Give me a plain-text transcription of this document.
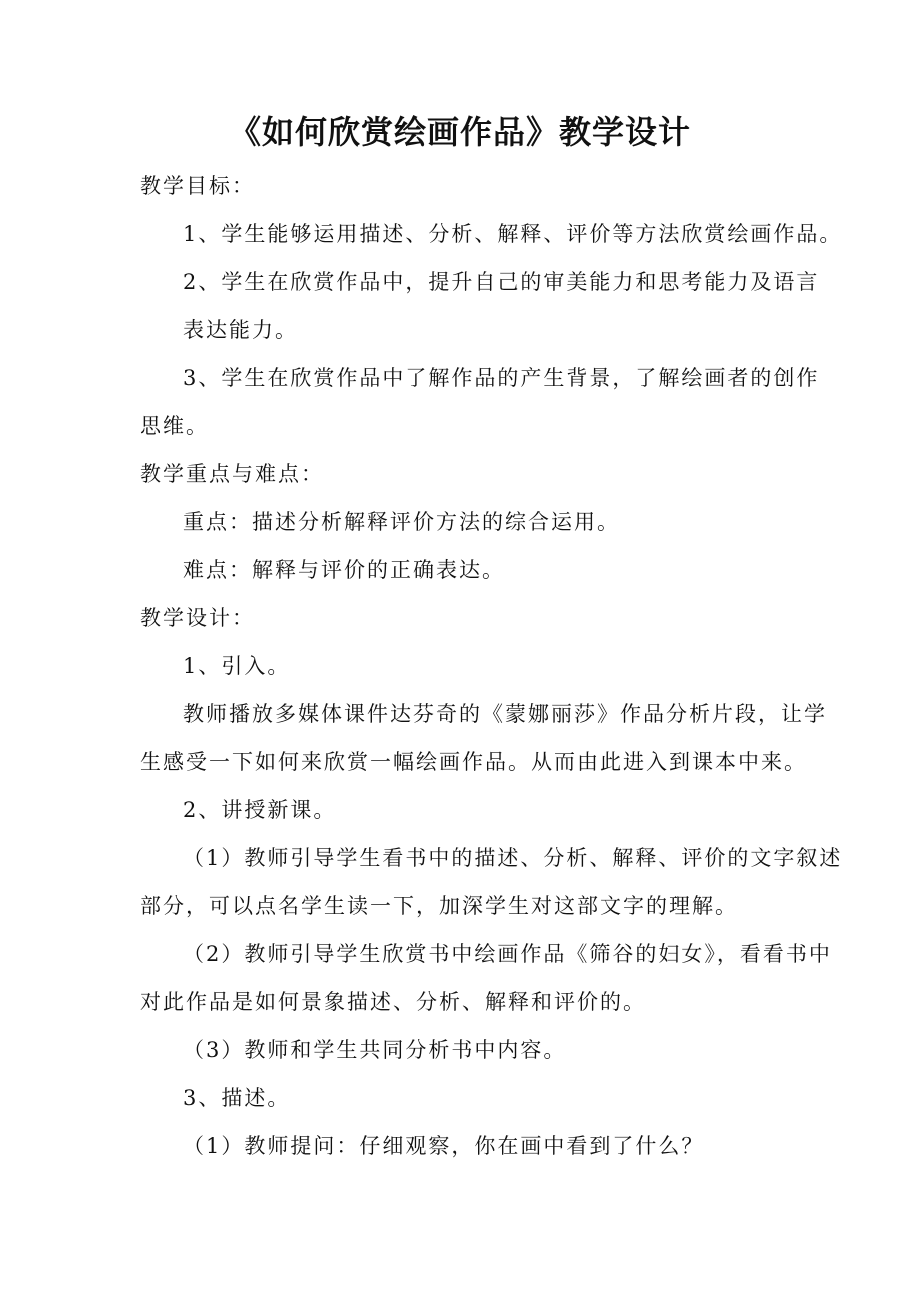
《如何欣赏绘画作品》教学设计
教学目标：
1、学生能够运用描述、分析、解释、评价等方法欣赏绘画作品。
2、学生在欣赏作品中，提升自己的审美能力和思考能力及语言
表达能力。
3、学生在欣赏作品中了解作品的产生背景，了解绘画者的创作
思维。
教学重点与难点：
重点：描述分析解释评价方法的综合运用。
难点：解释与评价的正确表达。
教学设计：
1、引入。
教师播放多媒体课件达芬奇的《蒙娜丽莎》作品分析片段，让学
生感受一下如何来欣赏一幅绘画作品。从而由此进入到课本中来。
2、讲授新课。
（1）教师引导学生看书中的描述、分析、解释、评价的文字叙述
部分，可以点名学生读一下，加深学生对这部文字的理解。
（2）教师引导学生欣赏书中绘画作品《筛谷的妇女》，看看书中
对此作品是如何景象描述、分析、解释和评价的。
（3）教师和学生共同分析书中内容。
3、描述。
（1）教师提问：仔细观察，你在画中看到了什么？
